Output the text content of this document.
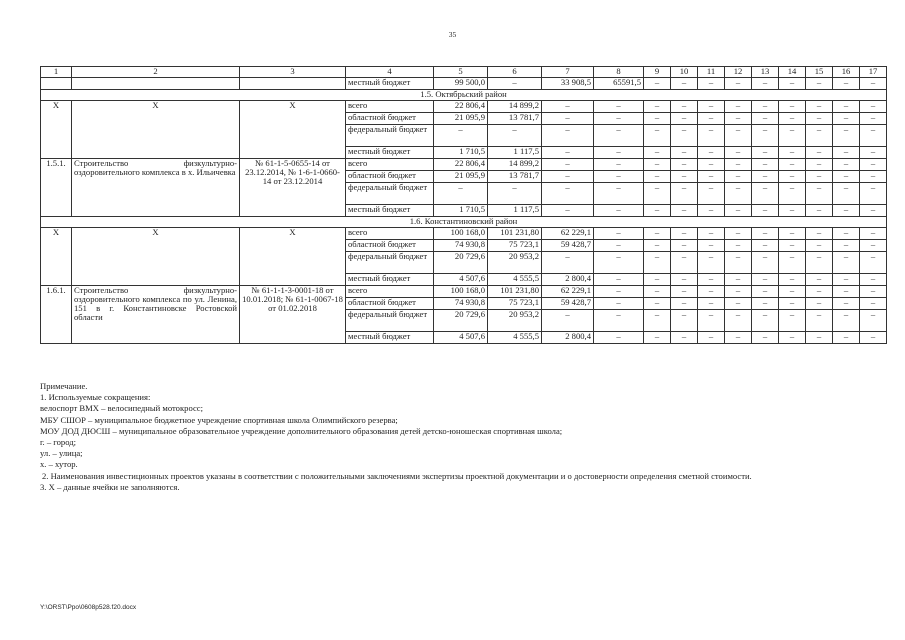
35
1	2	3	4	5	6	7	8	9	10	11	12	13	14	15	16	17
			местный бюджет	99 500,0	–	33 908,5	65591,5	–	–	–	–	–	–	–	–	–
1.5. Октябрьский район																
X	X	X	всего	22 806,4	14 899,2	–	–	–	–	–	–	–	–	–	–	–
			областной бюджет	21 095,9	13 781,7	–	–	–	–	–	–	–	–	–	–	–
			федеральный бюджет	–	–	–	–	–	–	–	–	–	–	–	–	–
			местный бюджет	1 710,5	1 117,5	–	–	–	–	–	–	–	–	–	–	–
1.5.1.	Строительство физкультурно-оздоровительного комплекса в х. Ильичевка	№ 61-1-5-0655-14 от 23.12.2014, № 1-6-1-0660-14 от 23.12.2014	всего	22 806,4	14 899,2	–	–	–	–	–	–	–	–	–	–	–
			областной бюджет	21 095,9	13 781,7	–	–	–	–	–	–	–	–	–	–	–
			федеральный бюджет	–	–	–	–	–	–	–	–	–	–	–	–	–
			местный бюджет	1 710,5	1 117,5	–	–	–	–	–	–	–	–	–	–	–
1.6. Константиновский район																
X	X	X	всего	100 168,0	101 231,80	62 229,1	–	–	–	–	–	–	–	–	–	–
			областной бюджет	74 930,8	75 723,1	59 428,7	–	–	–	–	–	–	–	–	–	–
			федеральный бюджет	20 729,6	20 953,2	–	–	–	–	–	–	–	–	–	–	–
			местный бюджет	4 507,6	4 555,5	2 800,4	–	–	–	–	–	–	–	–	–	–
1.6.1.	Строительство физкультурно-оздоровительного комплекса по ул. Ленина, 151 в г. Константиновске Ростовской области	№ 61-1-1-3-0001-18 от 10.01.2018; № 61-1-0067-18 от 01.02.2018	всего	100 168,0	101 231,80	62 229,1	–	–	–	–	–	–	–	–	–	–
			областной бюджет	74 930,8	75 723,1	59 428,7	–	–	–	–	–	–	–	–	–	–
			федеральный бюджет	20 729,6	20 953,2	–	–	–	–	–	–	–	–	–	–	–
			местный бюджет	4 507,6	4 555,5	2 800,4	–	–	–	–	–	–	–	–	–	–
Примечание.
1. Используемые сокращения:
велоспорт ВМХ – велосипедный мотокросс;
МБУ СШОР – муниципальное бюджетное учреждение спортивная школа Олимпийского резерва;
МОУ ДОД ДЮСШ – муниципальное образовательное учреждение дополнительного образования детей детско-юношеская спортивная школа;
г. – город;
ул. – улица;
х. – хутор.
2. Наименования инвестиционных проектов указаны в соответствии с положительными заключениями экспертизы проектной документации и о достоверности определения сметной стоимости.
3. X – данные ячейки не заполняются.
Y:\ORST\Ppo\0608p528.f20.docx
